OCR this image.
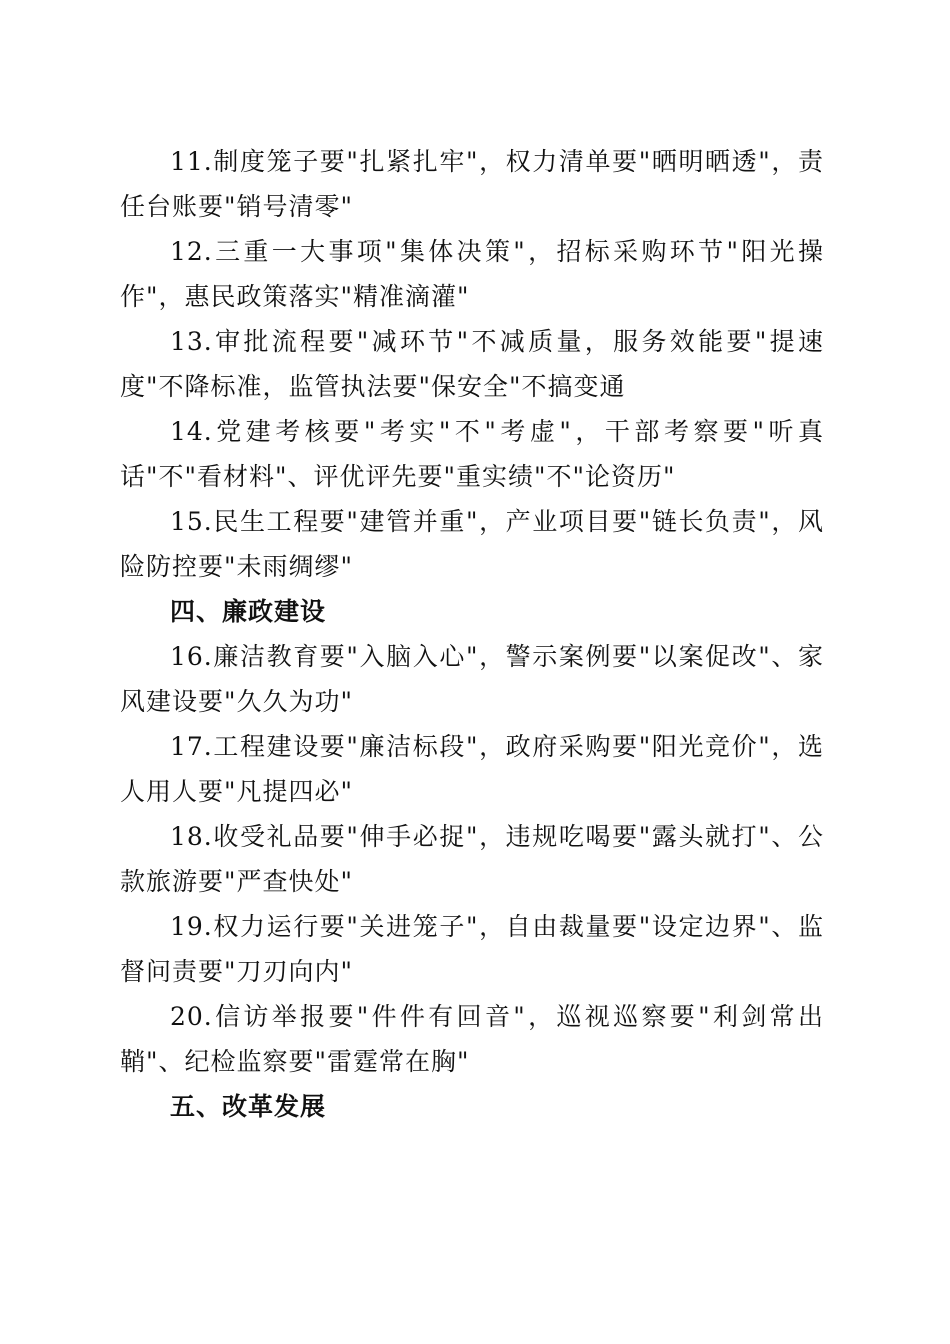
11.制度笼子要"扎紧扎牢"，权力清单要"晒明晒透"，责任台账要"销号清零"

12.三重一大事项"集体决策"，招标采购环节"阳光操作"，惠民政策落实"精准滴灌"

13.审批流程要"减环节"不减质量，服务效能要"提速度"不降标准，监管执法要"保安全"不搞变通

14.党建考核要"考实"不"考虚"，干部考察要"听真话"不"看材料"、评优评先要"重实绩"不"论资历"

15.民生工程要"建管并重"，产业项目要"链长负责"，风险防控要"未雨绸缪"

四、廉政建设

16.廉洁教育要"入脑入心"，警示案例要"以案促改"、家风建设要"久久为功"

17.工程建设要"廉洁标段"，政府采购要"阳光竞价"，选人用人要"凡提四必"

18.收受礼品要"伸手必捉"，违规吃喝要"露头就打"、公款旅游要"严查快处"

19.权力运行要"关进笼子"，自由裁量要"设定边界"、监督问责要"刀刃向内"

20.信访举报要"件件有回音"，巡视巡察要"利剑常出鞘"、纪检监察要"雷霆常在胸"

五、改革发展
